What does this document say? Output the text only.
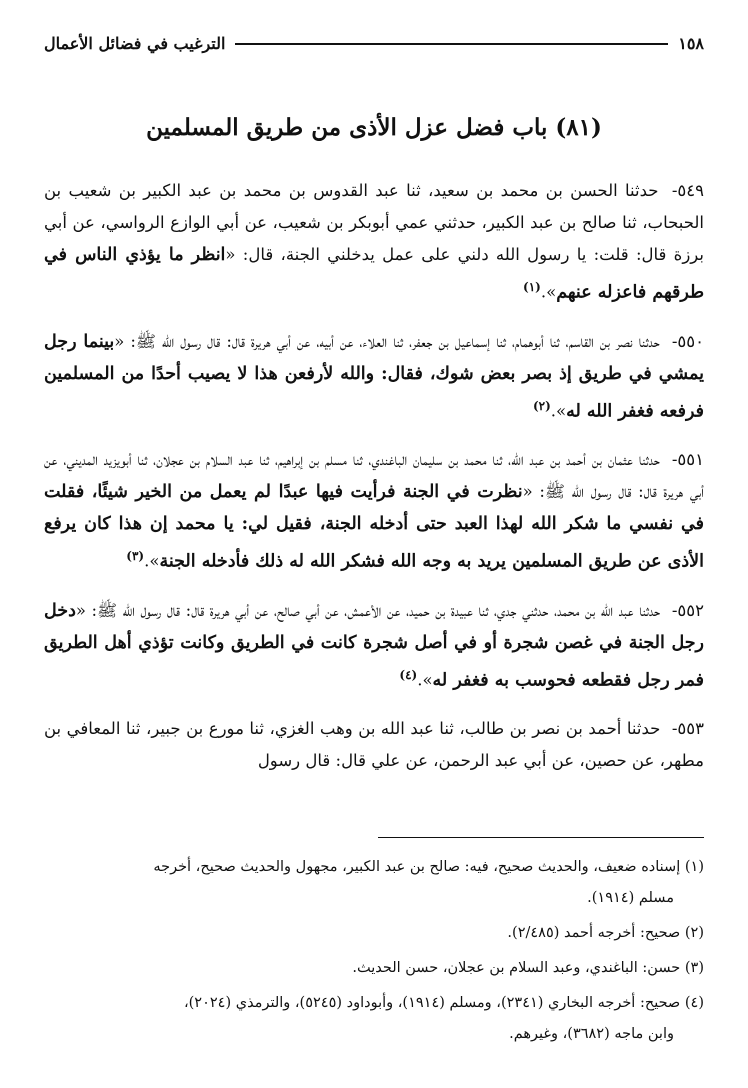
١٥٨
الترغيب في فضائل الأعمال
(٨١) باب فضل عزل الأذى من طريق المسلمين

٥٤٩- حدثنا الحسن بن محمد بن سعيد، ثنا عبد القدوس بن محمد بن عبد الكبير بن شعيب بن الحبحاب، ثنا صالح بن عبد الكبير، حدثني عمي أبوبكر بن شعيب، عن أبي الوازع الرواسي، عن أبي برزة قال: قلت: يا رسول الله دلني على عمل يدخلني الجنة، قال: «انظر ما يؤذي الناس في طرقهم فاعزله عنهم».$^{(١)}$

٥٥٠- حدثنا نصر بن القاسم، ثنا أبوهمام، ثنا إسماعيل بن جعفر، ثنا العلاء، عن أبيه، عن أبي هريرة قال: قال رسول الله ﷺ: «بينما رجل يمشي في طريق إذ بصر بعض شوك، فقال: والله لأرفعن هذا لا يصيب أحدًا من المسلمين فرفعه فغفر الله له».$^{(٢)}$

٥٥١- حدثنا عثمان بن أحمد بن عبد الله، ثنا محمد بن سليمان الباغندي، ثنا مسلم بن إبراهيم، ثنا عبد السلام بن عجلان، ثنا أبويزيد المديني، عن أبي هريرة قال: قال رسول الله ﷺ: «نظرت في الجنة فرأيت فيها عبدًا لم يعمل من الخير شيئًا، فقلت في نفسي ما شكر الله لهذا العبد حتى أدخله الجنة، فقيل لي: يا محمد إن هذا كان يرفع الأذى عن طريق المسلمين يريد به وجه الله فشكر الله له ذلك فأدخله الجنة».$^{(٣)}$

٥٥٢- حدثنا عبد الله بن محمد، حدثني جدي، ثنا عبيدة بن حميد، عن الأعمش، عن أبي صالح، عن أبي هريرة قال: قال رسول الله ﷺ: «دخل رجل الجنة في غصن شجرة أو في أصل شجرة كانت في الطريق وكانت تؤذي أهل الطريق فمر رجل فقطعه فحوسب به فغفر له».$^{(٤)}$

٥٥٣- حدثنا أحمد بن نصر بن طالب، ثنا عبد الله بن وهب الغزي، ثنا مورع بن جبير، ثنا المعافي بن مطهر، عن حصين، عن أبي عبد الرحمن، عن علي قال: قال رسول

(١) إسناده ضعيف، والحديث صحيح، فيه: صالح بن عبد الكبير، مجهول والحديث صحيح، أخرجه
مسلم (١٩١٤).
(٢) صحيح: أخرجه أحمد (٢/٤٨٥).
(٣) حسن: الباغندي، وعبد السلام بن عجلان، حسن الحديث.
(٤) صحيح: أخرجه البخاري (٢٣٤١)، ومسلم (١٩١٤)، وأبوداود (٥٢٤٥)، والترمذي (٢٠٢٤)،
وابن ماجه (٣٦٨٢)، وغيرهم.
